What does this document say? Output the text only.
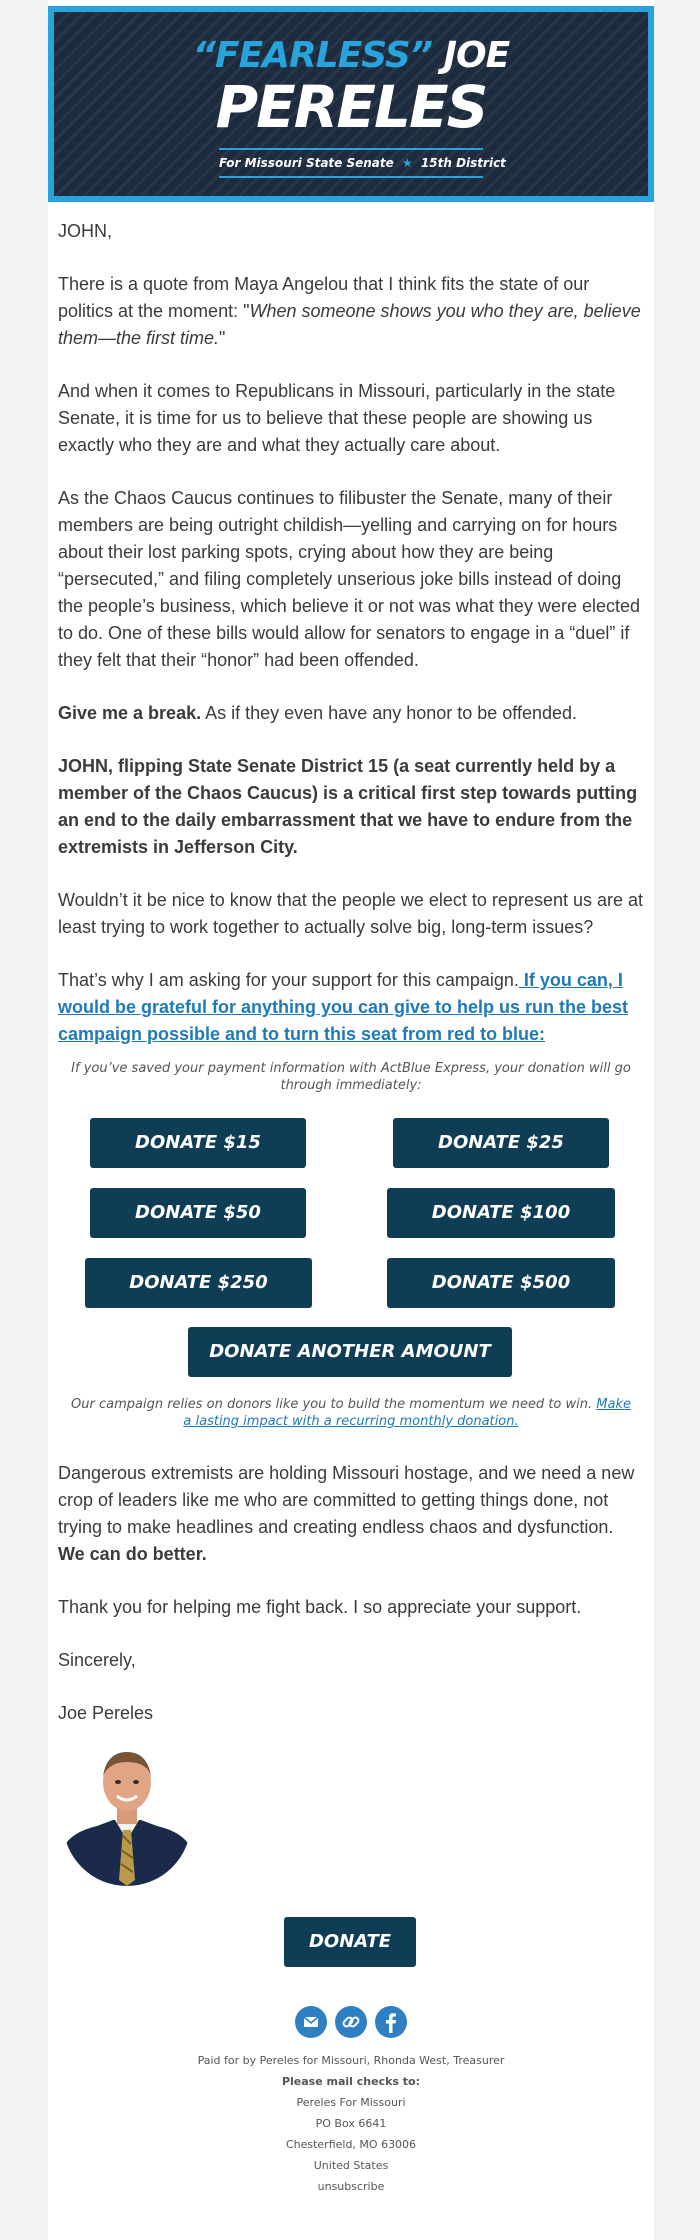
“FEARLESS” JOE
PERELES
For Missouri State Senate ★ 15th District

JOHN,

There is a quote from Maya Angelou that I think fits the state of our politics at the moment: "When someone shows you who they are, believe them—the first time."

And when it comes to Republicans in Missouri, particularly in the state Senate, it is time for us to believe that these people are showing us exactly who they are and what they actually care about.

As the Chaos Caucus continues to filibuster the Senate, many of their members are being outright childish—yelling and carrying on for hours about their lost parking spots, crying about how they are being “persecuted,” and filing completely unserious joke bills instead of doing the people’s business, which believe it or not was what they were elected to do. One of these bills would allow for senators to engage in a “duel” if they felt that their “honor” had been offended.

Give me a break. As if they even have any honor to be offended.

JOHN, flipping State Senate District 15 (a seat currently held by a member of the Chaos Caucus) is a critical first step towards putting an end to the daily embarrassment that we have to endure from the extremists in Jefferson City.

Wouldn’t it be nice to know that the people we elect to represent us are at least trying to work together to actually solve big, long-term issues?

That’s why I am asking for your support for this campaign. If you can, I would be grateful for anything you can give to help us run the best campaign possible and to turn this seat from red to blue:

If you’ve saved your payment information with ActBlue Express, your donation will go through immediately:
DONATE $15	DONATE $25
DONATE $50	DONATE $100
DONATE $250	DONATE $500
DONATE ANOTHER AMOUNT
Our campaign relies on donors like you to build the momentum we need to win. Make a lasting impact with a recurring monthly donation.

Dangerous extremists are holding Missouri hostage, and we need a new crop of leaders like me who are committed to getting things done, not trying to make headlines and creating endless chaos and dysfunction. We can do better.

Thank you for helping me fight back. I so appreciate your support.

Sincerely,

Joe Pereles

DONATE

Paid for by Pereles for Missouri, Rhonda West, Treasurer
Please mail checks to:
Pereles For Missouri
PO Box 6641
Chesterfield, MO 63006
United States
unsubscribe
